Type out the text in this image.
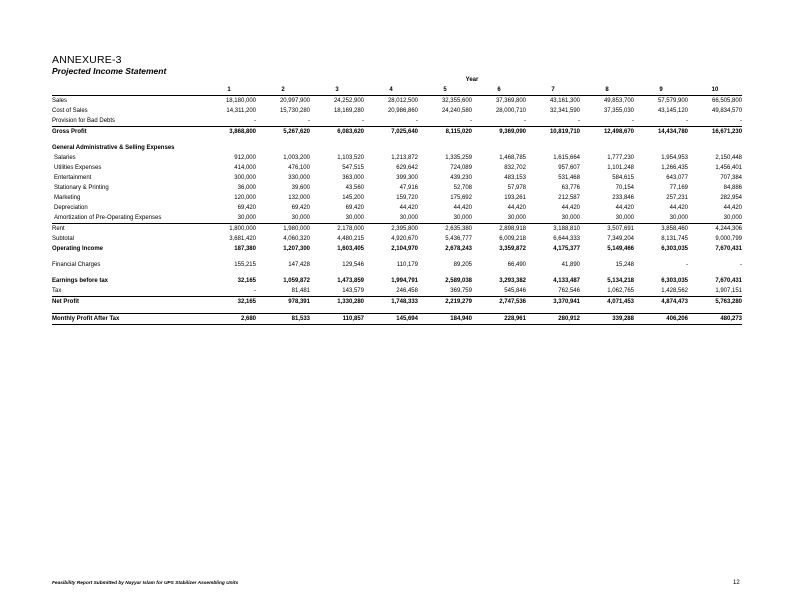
ANNEXURE-3
Projected Income Statement
	Year									
	1	2	3	4	5	6	7	8	9	10
Sales	18,180,000	20,997,900	24,252,900	28,012,500	32,355,600	37,369,800	43,161,300	49,853,700	57,579,900	66,505,800
Cost of Sales	14,311,200	15,730,280	18,169,280	20,986,860	24,240,580	28,000,710	32,341,590	37,355,030	43,145,120	49,834,570
Provision for Bad Debts	-	-	-	-	-	-	-	-	-	-
Gross Profit	3,868,800	5,267,620	6,083,620	7,025,640	8,115,020	9,369,090	10,819,710	12,498,670	14,434,780	16,671,230

General Administrative & Selling Expenses										
Salaries	912,000	1,003,200	1,103,520	1,213,872	1,335,259	1,468,785	1,615,664	1,777,230	1,954,953	2,150,448
Utilities Expenses	414,000	476,100	547,515	629,642	724,089	832,702	957,607	1,101,248	1,266,435	1,456,401
Entertainment	300,000	330,000	363,000	399,300	439,230	483,153	531,468	584,615	643,077	707,384
Stationary & Printing	36,000	39,600	43,560	47,916	52,708	57,978	63,776	70,154	77,169	84,886
Marketing	120,000	132,000	145,200	159,720	175,692	193,261	212,587	233,846	257,231	282,954
Depreciation	69,420	69,420	69,420	44,420	44,420	44,420	44,420	44,420	44,420	44,420
Amortization of Pre-Operating Expenses	30,000	30,000	30,000	30,000	30,000	30,000	30,000	30,000	30,000	30,000
Rent	1,800,000	1,980,000	2,178,000	2,395,800	2,635,380	2,898,918	3,188,810	3,507,691	3,858,460	4,244,306
Subtotal	3,681,420	4,060,320	4,480,215	4,920,670	5,436,777	6,009,218	6,644,333	7,349,204	8,131,745	9,000,799
Operating Income	187,380	1,207,300	1,603,405	2,104,970	2,678,243	3,359,872	4,175,377	5,149,466	6,303,035	7,670,431

Financial Charges	155,215	147,428	129,546	110,179	89,205	66,490	41,890	15,248	-	-

Earnings before tax	32,165	1,059,872	1,473,859	1,994,791	2,589,038	3,293,382	4,133,487	5,134,218	6,303,035	7,670,431
Tax	-	81,481	143,579	246,458	369,759	545,846	762,546	1,062,765	1,428,562	1,907,151
Net Profit	32,165	978,391	1,330,280	1,748,333	2,219,279	2,747,536	3,370,941	4,071,453	4,874,473	5,763,280

Monthly Profit After Tax	2,680	81,533	110,857	145,694	184,940	228,961	280,912	339,288	406,206	480,273
Feasibility Report Submitted by Nayyar Islam for UPS Stabilizer Assembling Units	12
